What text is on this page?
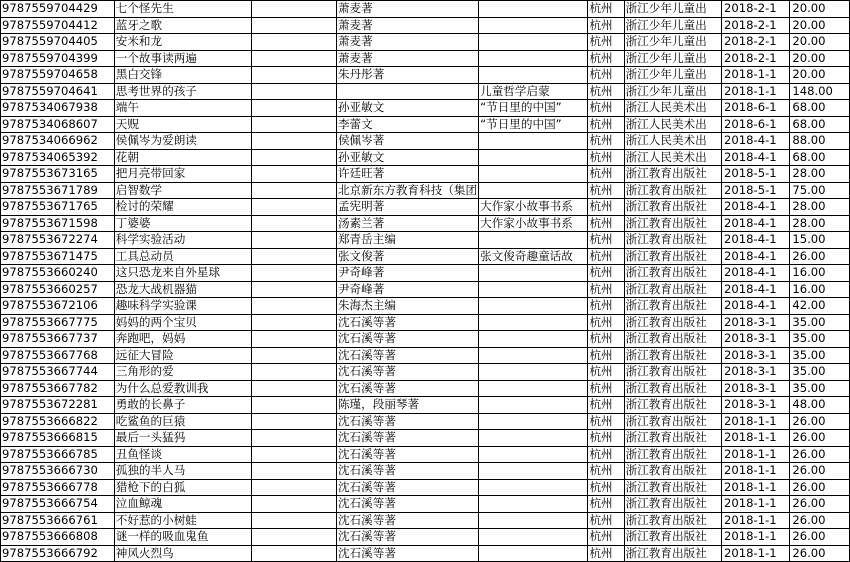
9787559704429	七个怪先生		萧麦著		杭州	浙江少年儿童出	2018-2-1	20.00
9787559704412	蓝牙之歌		萧麦著		杭州	浙江少年儿童出	2018-2-1	20.00
9787559704405	安米和龙		萧麦著		杭州	浙江少年儿童出	2018-2-1	20.00
9787559704399	一个故事读两遍		萧麦著		杭州	浙江少年儿童出	2018-2-1	20.00
9787559704658	黑白交锋		朱丹彤著		杭州	浙江少年儿童出	2018-1-1	20.00
9787559704641	思考世界的孩子			儿童哲学启蒙	杭州	浙江少年儿童出	2018-1-1	148.00
9787534067938	端午		孙亚敏文	“节日里的中国”	杭州	浙江人民美术出	2018-6-1	68.00
9787534068607	天贶		李蕾文	“节日里的中国”	杭州	浙江人民美术出	2018-6-1	68.00
9787534066962	侯佩岑为爱朗读		侯佩岑著		杭州	浙江人民美术出	2018-4-1	88.00
9787534065392	花朝		孙亚敏文		杭州	浙江人民美术出	2018-4-1	68.00
9787553673165	把月亮带回家		许廷旺著		杭州	浙江教育出版社	2018-5-1	28.00
9787553671789	启智数学		北京新东方教育科技（集团		杭州	浙江教育出版社	2018-5-1	75.00
9787553671765	检讨的荣耀		孟宪明著	大作家小故事书系	杭州	浙江教育出版社	2018-4-1	28.00
9787553671598	丁婆婆		汤素兰著	大作家小故事书系	杭州	浙江教育出版社	2018-4-1	28.00
9787553672274	科学实验活动		郑青岳主编		杭州	浙江教育出版社	2018-4-1	15.00
9787553671475	工具总动员		张文俊著	张文俊奇趣童话故	杭州	浙江教育出版社	2018-4-1	26.00
9787553660240	这只恐龙来自外星球		尹奇峰著		杭州	浙江教育出版社	2018-4-1	16.00
9787553660257	恐龙大战机器猫		尹奇峰著		杭州	浙江教育出版社	2018-4-1	16.00
9787553672106	趣味科学实验课		朱海杰主编		杭州	浙江教育出版社	2018-4-1	42.00
9787553667775	妈妈的两个宝贝		沈石溪等著		杭州	浙江教育出版社	2018-3-1	35.00
9787553667737	奔跑吧，妈妈		沈石溪等著		杭州	浙江教育出版社	2018-3-1	35.00
9787553667768	远征大冒险		沈石溪等著		杭州	浙江教育出版社	2018-3-1	35.00
9787553667744	三角形的爱		沈石溪等著		杭州	浙江教育出版社	2018-3-1	35.00
9787553667782	为什么总爱教训我		沈石溪等著		杭州	浙江教育出版社	2018-3-1	35.00
9787553672281	勇敢的长鼻子		陈瑾，段丽琴著		杭州	浙江教育出版社	2018-3-1	48.00
9787553666822	吃鲨鱼的巨猿		沈石溪等著		杭州	浙江教育出版社	2018-1-1	26.00
9787553666815	最后一头猛犸		沈石溪等著		杭州	浙江教育出版社	2018-1-1	26.00
9787553666785	丑鱼怪谈		沈石溪等著		杭州	浙江教育出版社	2018-1-1	26.00
9787553666730	孤独的半人马		沈石溪等著		杭州	浙江教育出版社	2018-1-1	26.00
9787553666778	猎枪下的白狐		沈石溪等著		杭州	浙江教育出版社	2018-1-1	26.00
9787553666754	泣血鲸魂		沈石溪等著		杭州	浙江教育出版社	2018-1-1	26.00
9787553666761	不好惹的小树蛙		沈石溪等著		杭州	浙江教育出版社	2018-1-1	26.00
9787553666808	谜一样的吸血鬼鱼		沈石溪等著		杭州	浙江教育出版社	2018-1-1	26.00
9787553666792	神风火烈鸟		沈石溪等著		杭州	浙江教育出版社	2018-1-1	26.00
